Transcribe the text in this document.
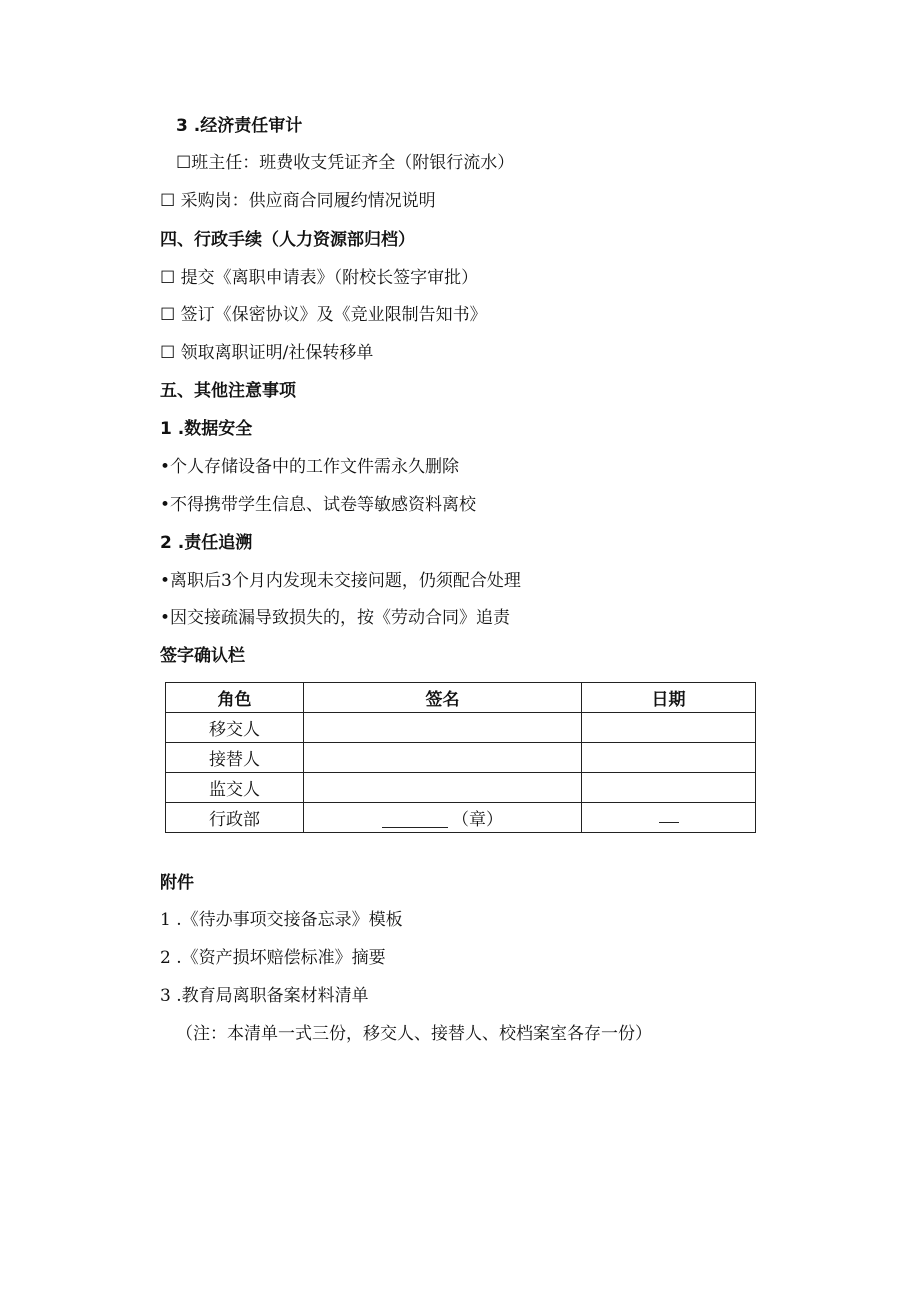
3 .经济责任审计
☐班主任：班费收支凭证齐全（附银行流水）
☐ 采购岗：供应商合同履约情况说明
四、行政手续（人力资源部归档）
☐ 提交《离职申请表》（附校长签字审批）
☐ 签订《保密协议》及《竞业限制告知书》
☐ 领取离职证明/社保转移单
五、其他注意事项
1 .数据安全
•个人存储设备中的工作文件需永久删除
•不得携带学生信息、试卷等敏感资料离校
2 .责任追溯
•离职后3个月内发现未交接问题，仍须配合处理
•因交接疏漏导致损失的，按《劳动合同》追责
签字确认栏
角色	签名	日期
移交人		
接替人		
监交人		
行政部	（章）	
附件
1 .《待办事项交接备忘录》模板
2 .《资产损坏赔偿标准》摘要
3 .教育局离职备案材料清单
（注：本清单一式三份，移交人、接替人、校档案室各存一份）
